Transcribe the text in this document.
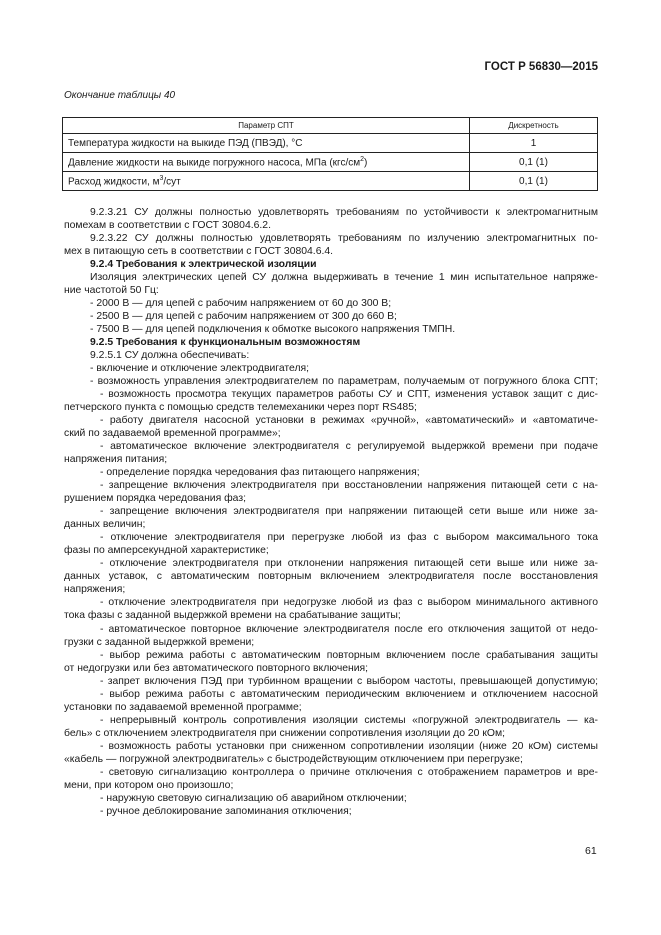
ГОСТ Р 56830—2015
Окончание таблицы 40
Параметр СПТ	Дискретность
Температура жидкости на выкиде ПЭД (ПВЭД), °С	1
Давление жидкости на выкиде погружного насоса, МПа $(кгс/см^2)$	0,1 (1)
Расход жидкости, $м^3$/сут	0,1 (1)
9.2.3.21 СУ должны полностью удовлетворять требованиям по устойчивости к электромагнитным
помехам в соответствии с ГОСТ 30804.6.2.
9.2.3.22 СУ должны полностью удовлетворять требованиям по излучению электромагнитных по-
мех в питающую сеть в соответствии с ГОСТ 30804.6.4.
9.2.4 Требования к электрической изоляции
Изоляция электрических цепей СУ должна выдерживать в течение 1 мин испытательное напряже-
ние частотой 50 Гц:
- 2000 В — для цепей с рабочим напряжением от 60 до 300 В;
- 2500 В — для цепей с рабочим напряжением от 300 до 660 В;
- 7500 В — для цепей подключения к обмотке высокого напряжения ТМПН.
9.2.5 Требования к функциональным возможностям
9.2.5.1 СУ должна обеспечивать:
- включение и отключение электродвигателя;
- возможность управления электродвигателем по параметрам, получаемым от погружного блока СПТ;
- возможность просмотра текущих параметров работы СУ и СПТ, изменения уставок защит с дис-
петчерского пункта с помощью средств телемеханики через порт RS485;
- работу двигателя насосной установки в режимах «ручной», «автоматический» и «автоматиче-
ский по задаваемой временной программе»;
- автоматическое включение электродвигателя с регулируемой выдержкой времени при подаче
напряжения питания;
- определение порядка чередования фаз питающего напряжения;
- запрещение включения электродвигателя при восстановлении напряжения питающей сети с на-
рушением порядка чередования фаз;
- запрещение включения электродвигателя при напряжении питающей сети выше или ниже за-
данных величин;
- отключение электродвигателя при перегрузке любой из фаз с выбором максимального тока
фазы по амперсекундной характеристике;
- отключение электродвигателя при отклонении напряжения питающей сети выше или ниже за-
данных уставок, с автоматическим повторным включением электродвигателя после восстановления
напряжения;
- отключение электродвигателя при недогрузке любой из фаз с выбором минимального активного
тока фазы с заданной выдержкой времени на срабатывание защиты;
- автоматическое повторное включение электродвигателя после его отключения защитой от недо-
грузки с заданной выдержкой времени;
- выбор режима работы с автоматическим повторным включением после срабатывания защиты
от недогрузки или без автоматического повторного включения;
- запрет включения ПЭД при турбинном вращении с выбором частоты, превышающей допустимую;
- выбор режима работы с автоматическим периодическим включением и отключением насосной
установки по задаваемой временной программе;
- непрерывный контроль сопротивления изоляции системы «погружной электродвигатель — ка-
бель» с отключением электродвигателя при снижении сопротивления изоляции до 20 кОм;
- возможность работы установки при сниженном сопротивлении изоляции (ниже 20 кОм) системы
«кабель — погружной электродвигатель» с быстродействующим отключением при перегрузке;
- световую сигнализацию контроллера о причине отключения с отображением параметров и вре-
мени, при котором оно произошло;
- наружную световую сигнализацию об аварийном отключении;
- ручное деблокирование запоминания отключения;
61
